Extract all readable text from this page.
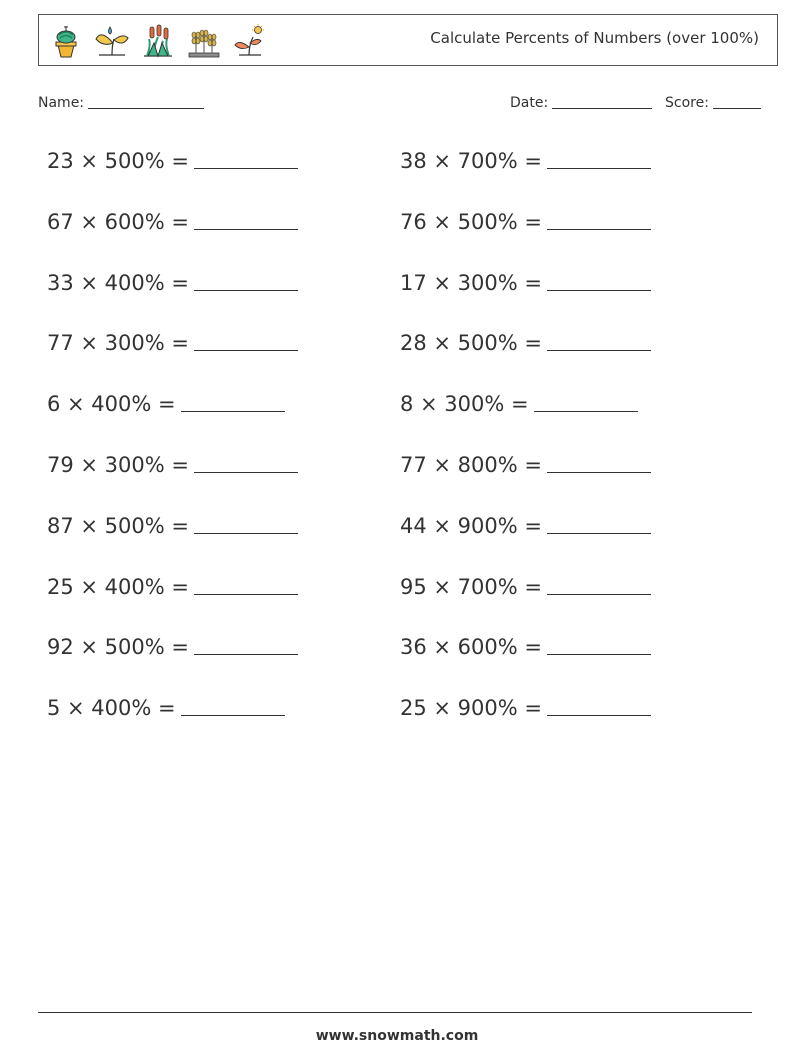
Calculate Percents of Numbers (over 100%)
Name:	Date:	Score:
23 × 500% =
67 × 600% =
33 × 400% =
77 × 300% =
6 × 400% =
79 × 300% =
87 × 500% =
25 × 400% =
92 × 500% =
5 × 400% =
38 × 700% =
76 × 500% =
17 × 300% =
28 × 500% =
8 × 300% =
77 × 800% =
44 × 900% =
95 × 700% =
36 × 600% =
25 × 900% =
www.snowmath.com
